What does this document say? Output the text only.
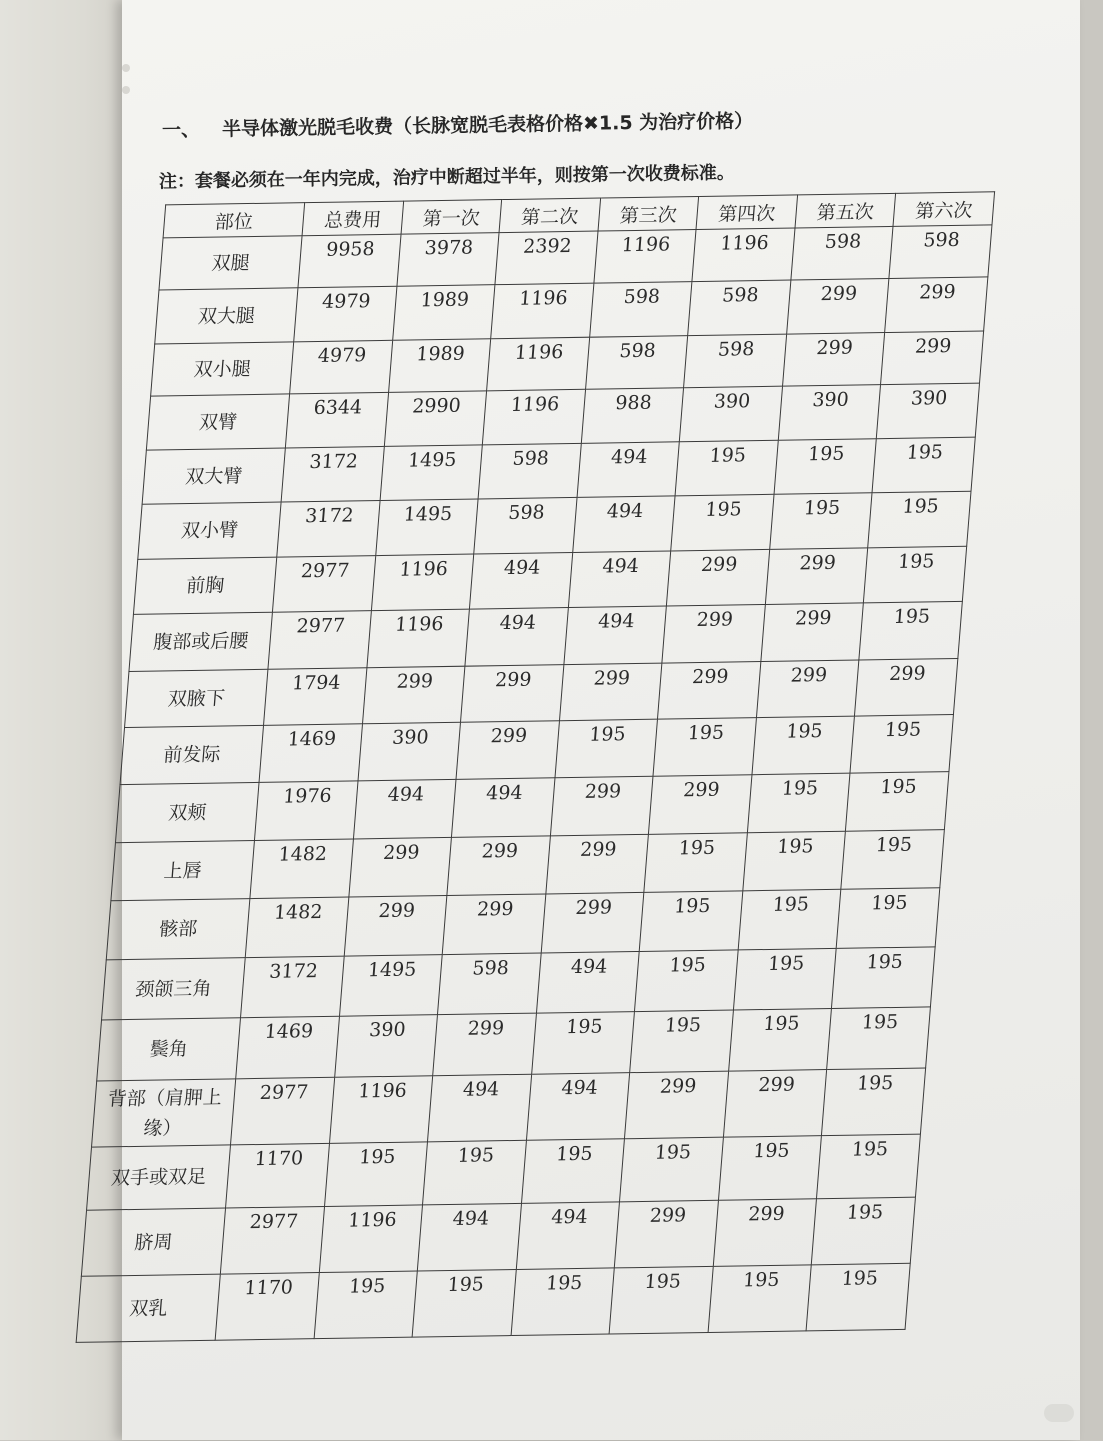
一、 半导体激光脱毛收费（长脉宽脱毛表格价格✖1.5 为治疗价格）
注：套餐必须在一年内完成，治疗中断超过半年，则按第一次收费标准。
部位	总费用	第一次	第二次	第三次	第四次	第五次	第六次
双腿	9958	3978	2392	1196	1196	598	598
双大腿	4979	1989	1196	598	598	299	299
双小腿	4979	1989	1196	598	598	299	299
双臂	6344	2990	1196	988	390	390	390
双大臂	3172	1495	598	494	195	195	195
双小臂	3172	1495	598	494	195	195	195
前胸	2977	1196	494	494	299	299	195
腹部或后腰	2977	1196	494	494	299	299	195
双腋下	1794	299	299	299	299	299	299
前发际	1469	390	299	195	195	195	195
双颊	1976	494	494	299	299	195	195
上唇	1482	299	299	299	195	195	195
骸部	1482	299	299	299	195	195	195
颈颌三角	3172	1495	598	494	195	195	195
鬓角	1469	390	299	195	195	195	195
背部（肩胛上缘）	2977	1196	494	494	299	299	195
双手或双足	1170	195	195	195	195	195	195
脐周	2977	1196	494	494	299	299	195
双乳	1170	195	195	195	195	195	195
